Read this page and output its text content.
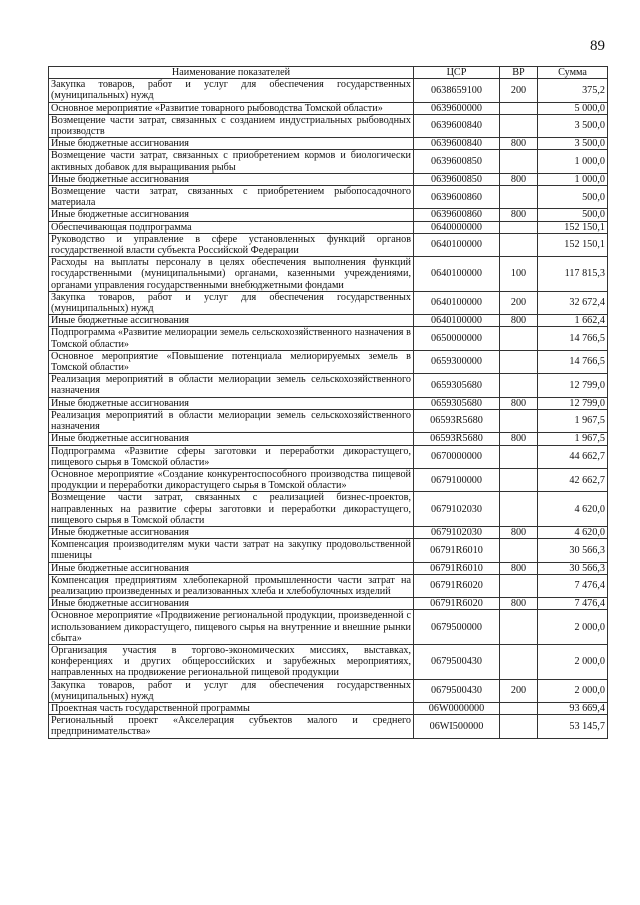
89
Наименование показателей	ЦСР	ВР	Сумма
Закупка товаров, работ и услуг для обеспечения государственных (муниципальных) нужд	0638659100	200	375,2
Основное мероприятие «Развитие товарного рыбоводства Томской области»	0639600000		5 000,0
Возмещение части затрат, связанных с созданием индустриальных рыбоводных производств	0639600840		3 500,0
Иные бюджетные ассигнования	0639600840	800	3 500,0
Возмещение части затрат, связанных с приобретением кормов и биологически активных добавок для выращивания рыбы	0639600850		1 000,0
Иные бюджетные ассигнования	0639600850	800	1 000,0
Возмещение части затрат, связанных с приобретением рыбопосадочного материала	0639600860		500,0
Иные бюджетные ассигнования	0639600860	800	500,0
Обеспечивающая подпрограмма	0640000000		152 150,1
Руководство и управление в сфере установленных функций органов государственной власти субъекта Российской Федерации	0640100000		152 150,1
Расходы на выплаты персоналу в целях обеспечения выполнения функций государственными (муниципальными) органами, казенными учреждениями, органами управления государственными внебюджетными фондами	0640100000	100	117 815,3
Закупка товаров, работ и услуг для обеспечения государственных (муниципальных) нужд	0640100000	200	32 672,4
Иные бюджетные ассигнования	0640100000	800	1 662,4
Подпрограмма «Развитие мелиорации земель сельскохозяйственного назначения в Томской области»	0650000000		14 766,5
Основное мероприятие «Повышение потенциала мелиорируемых земель в Томской области»	0659300000		14 766,5
Реализация мероприятий в области мелиорации земель сельскохозяйственного назначения	0659305680		12 799,0
Иные бюджетные ассигнования	0659305680	800	12 799,0
Реализация мероприятий в области мелиорации земель сельскохозяйственного назначения	06593R5680		1 967,5
Иные бюджетные ассигнования	06593R5680	800	1 967,5
Подпрограмма «Развитие сферы заготовки и переработки дикорастущего, пищевого сырья в Томской области»	0670000000		44 662,7
Основное мероприятие «Создание конкурентоспособного производства пищевой продукции и переработки дикорастущего сырья в Томской области»	0679100000		42 662,7
Возмещение части затрат, связанных с реализацией бизнес-проектов, направленных на развитие сферы заготовки и переработки дикорастущего, пищевого сырья в Томской области	0679102030		4 620,0
Иные бюджетные ассигнования	0679102030	800	4 620,0
Компенсация производителям муки части затрат на закупку продовольственной пшеницы	06791R6010		30 566,3
Иные бюджетные ассигнования	06791R6010	800	30 566,3
Компенсация предприятиям хлебопекарной промышленности части затрат на реализацию произведенных и реализованных хлеба и хлебобулочных изделий	06791R6020		7 476,4
Иные бюджетные ассигнования	06791R6020	800	7 476,4
Основное мероприятие «Продвижение региональной продукции, произведенной с использованием дикорастущего, пищевого сырья на внутренние и внешние рынки сбыта»	0679500000		2 000,0
Организация участия в торгово-экономических миссиях, выставках, конференциях и других общероссийских и зарубежных мероприятиях, направленных на продвижение региональной пищевой продукции	0679500430		2 000,0
Закупка товаров, работ и услуг для обеспечения государственных (муниципальных) нужд	0679500430	200	2 000,0
Проектная часть государственной программы	06W0000000		93 669,4
Региональный проект «Акселерация субъектов малого и среднего предпринимательства»	06WI500000		53 145,7
